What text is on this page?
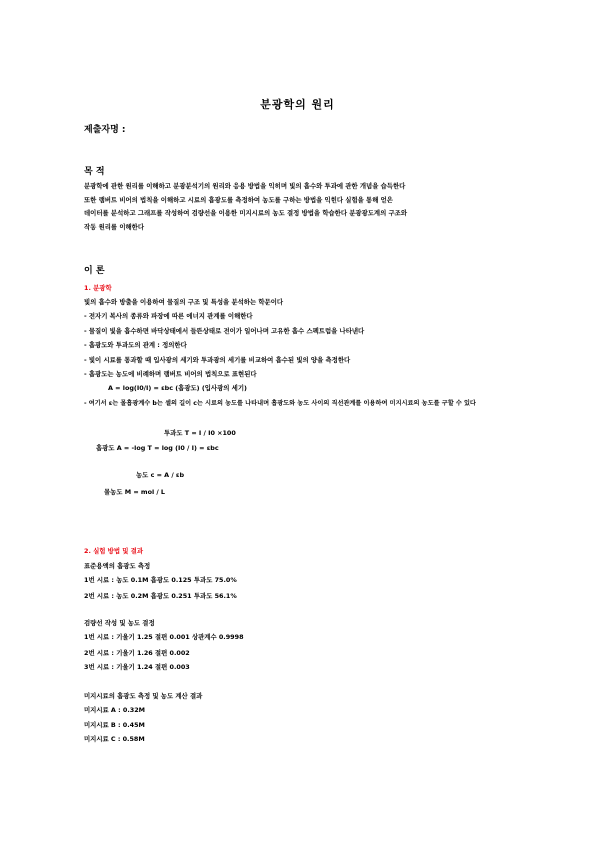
분광학의 원리
제출자명 :
목 적
분광학에 관한 원리를 이해하고 분광분석기의 원리와 응용 방법을 익히며 빛의 흡수와 투과에 관한 개념을 습득한다
또한 램버트 비어의 법칙을 이해하고 시료의 흡광도를 측정하여 농도를 구하는 방법을 익힌다 실험을 통해 얻은
데이터를 분석하고 그래프를 작성하여 검량선을 이용한 미지시료의 농도 결정 방법을 학습한다 분광광도계의 구조와
작동 원리를 이해한다
이 론
1. 분광학
빛의 흡수와 방출을 이용하여 물질의 구조 및 특성을 분석하는 학문이다
- 전자기 복사의 종류와 파장에 따른 에너지 관계를 이해한다
- 물질이 빛을 흡수하면 바닥상태에서 들뜬상태로 전이가 일어나며 고유한 흡수 스펙트럼을 나타낸다
- 흡광도와 투과도의 관계 : 정의한다
- 빛이 시료를 통과할 때 입사광의 세기와 투과광의 세기를 비교하여 흡수된 빛의 양을 측정한다
- 흡광도는 농도에 비례하며 램버트 비어의 법칙으로 표현된다
A = log(I0/I) = εbc (흡광도) (입사광의 세기)
- 여기서 ε는 몰흡광계수 b는 셀의 길이 c는 시료의 농도를 나타내며 흡광도와 농도 사이의 직선관계를 이용하여 미지시료의 농도를 구할 수 있다
투과도 T = I / I0 ×100
흡광도 A = -log T = log (I0 / I) = εbc
농도 c = A / εb
몰농도 M = mol / L
2. 실험 방법 및 결과
표준용액의 흡광도 측정
1번 시료 : 농도 0.1M 흡광도 0.125 투과도 75.0%
2번 시료 : 농도 0.2M 흡광도 0.251 투과도 56.1%
검량선 작성 및 농도 결정
1번 시료 : 기울기 1.25 절편 0.001 상관계수 0.9998
2번 시료 : 기울기 1.26 절편 0.002
3번 시료 : 기울기 1.24 절편 0.003
미지시료의 흡광도 측정 및 농도 계산 결과
미지시료 A : 0.32M
미지시료 B : 0.45M
미지시료 C : 0.58M
